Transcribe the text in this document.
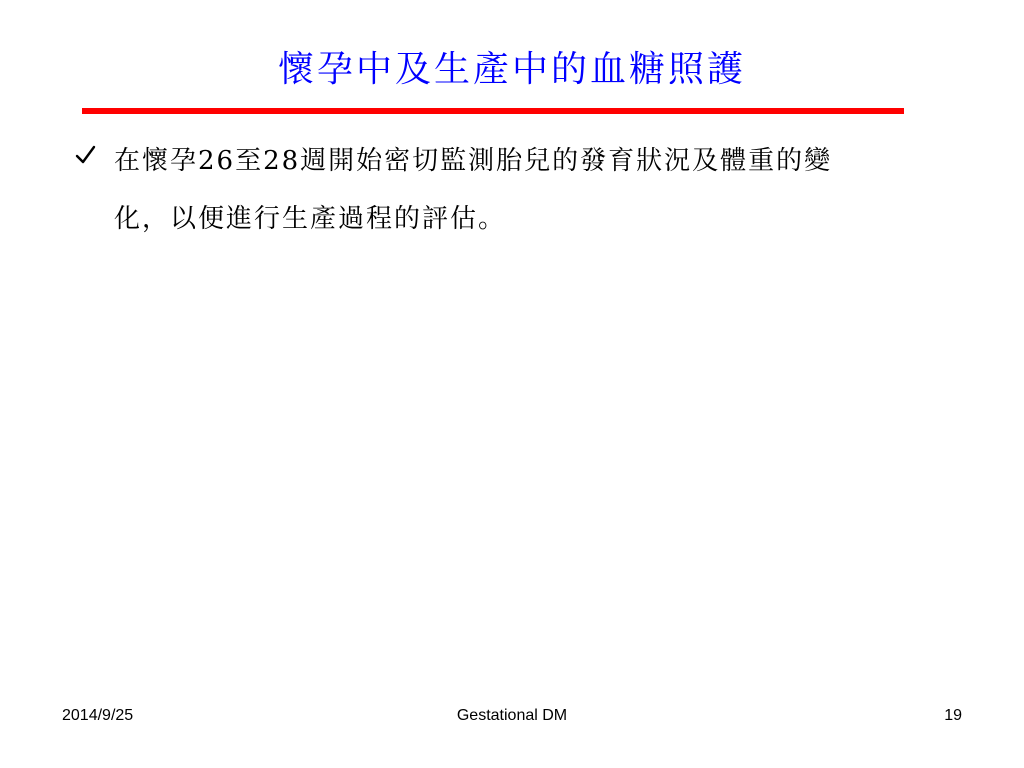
懷孕中及生產中的血糖照護
在懷孕26至28週開始密切監測胎兒的發育狀況及體重的變
化，以便進行生產過程的評估。
2014/9/25	Gestational DM	19
